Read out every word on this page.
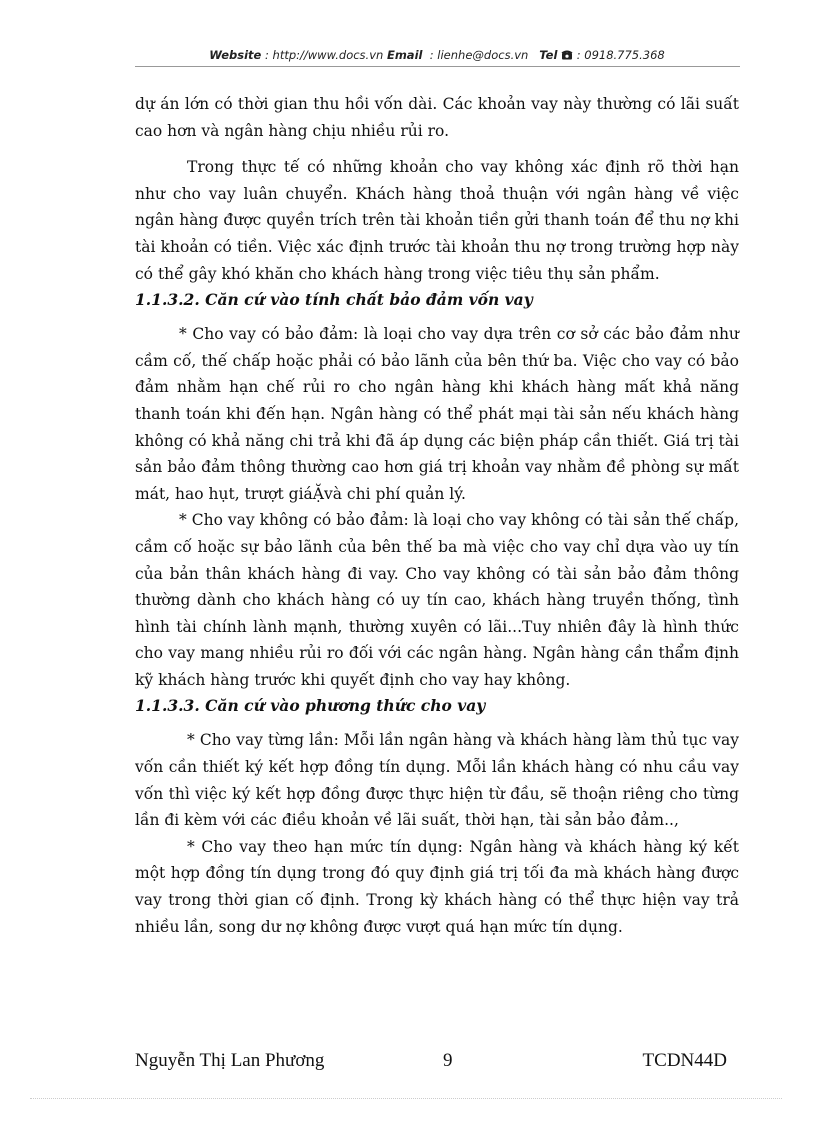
Website : http://www.docs.vn Email  : lienhe@docs.vn Tel : 0918.775.368

dự án lớn có thời gian thu hồi vốn dài. Các khoản vay này thường có lãi suất cao hơn và ngân hàng chịu nhiều rủi ro.

Trong thực tế có những khoản cho vay không xác định rõ thời hạn như cho vay luân chuyển. Khách hàng thoả thuận với ngân hàng về việc ngân hàng được quyền trích trên tài khoản tiền gửi thanh toán để thu nợ khi tài khoản có tiền. Việc xác định trước tài khoản thu nợ trong trường hợp này có thể gây khó khăn cho khách hàng trong việc tiêu thụ sản phẩm.

1.1.3.2. Căn cứ vào tính chất bảo đảm vốn vay

* Cho vay có bảo đảm: là loại cho vay dựa trên cơ sở các bảo đảm như cầm cố, thế chấp hoặc phải có bảo lãnh của bên thứ ba. Việc cho vay có bảo đảm nhằm hạn chế rủi ro cho ngân hàng khi khách hàng mất khả năng thanh toán khi đến hạn. Ngân hàng có thể phát mại tài sản nếu khách hàng không có khả năng chi trả khi đã áp dụng các biện pháp cần thiết. Giá trị tài sản bảo đảm thông thường cao hơn giá trị khoản vay nhằm đề phòng sự mất mát, hao hụt, trượt giáẶvà chi phí quản lý.

* Cho vay không có bảo đảm: là loại cho vay không có tài sản thế chấp, cầm cố hoặc sự bảo lãnh của bên thế ba mà việc cho vay chỉ dựa vào uy tín của bản thân khách hàng đi vay. Cho vay không có tài sản bảo đảm thông thường dành cho khách hàng có uy tín cao, khách hàng truyền thống, tình hình tài chính lành mạnh, thường xuyên có lãi...Tuy nhiên đây là hình thức cho vay mang nhiều rủi ro đối với các ngân hàng. Ngân hàng cần thẩm định kỹ khách hàng trước khi quyết định cho vay hay không.

1.1.3.3. Căn cứ vào phương thức cho vay

* Cho vay từng lần: Mỗi lần ngân hàng và khách hàng làm thủ tục vay vốn cần thiết ký kết hợp đồng tín dụng. Mỗi lần khách hàng có nhu cầu vay vốn thì việc ký kết hợp đồng được thực hiện từ đầu, sẽ thoận riêng cho từng lần đi kèm với các điều khoản về lãi suất, thời hạn, tài sản bảo đảm..,

* Cho vay theo hạn mức tín dụng: Ngân hàng và khách hàng ký kết một hợp đồng tín dụng trong đó quy định giá trị tối đa mà khách hàng được vay trong thời gian cố định. Trong kỳ khách hàng có thể thực hiện vay trả nhiều lần, song dư nợ không được vượt quá hạn mức tín dụng.

Nguyễn Thị Lan Phương	9	TCDN44D
